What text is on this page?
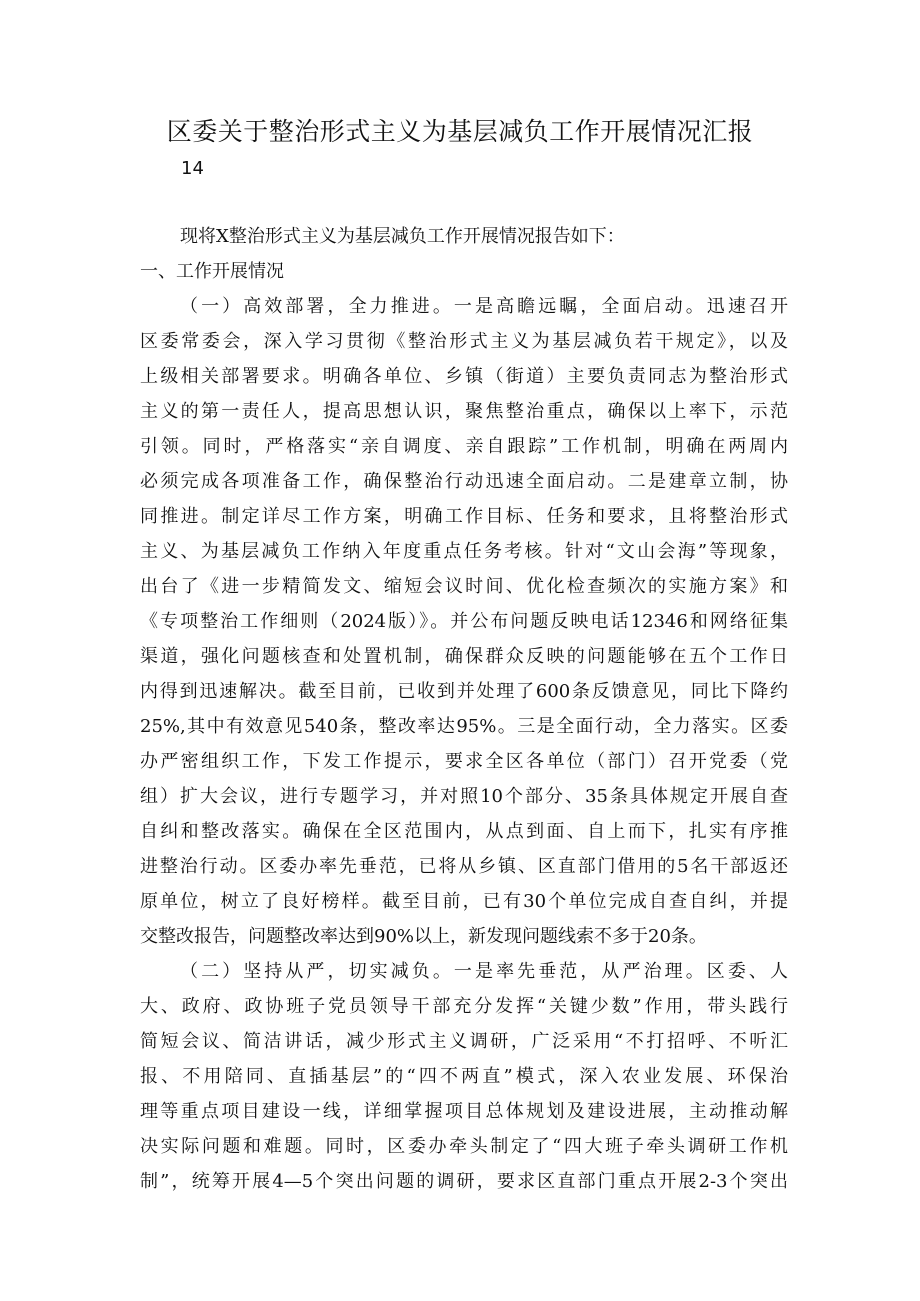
区委关于整治形式主义为基层减负工作开展情况汇报
14
现将X整治形式主义为基层减负工作开展情况报告如下：
一、工作开展情况
（一）高效部署，全力推进。一是高瞻远瞩，全面启动。迅速召开
区委常委会，深入学习贯彻《整治形式主义为基层减负若干规定》，以及
上级相关部署要求。明确各单位、乡镇（街道）主要负责同志为整治形式
主义的第一责任人，提高思想认识，聚焦整治重点，确保以上率下，示范
引领。同时，严格落实“亲自调度、亲自跟踪”工作机制，明确在两周内
必须完成各项准备工作，确保整治行动迅速全面启动。二是建章立制，协
同推进。制定详尽工作方案，明确工作目标、任务和要求，且将整治形式
主义、为基层减负工作纳入年度重点任务考核。针对“文山会海”等现象，
出台了《进一步精简发文、缩短会议时间、优化检查频次的实施方案》和
《专项整治工作细则（2024版）》。并公布问题反映电话12346和网络征集
渠道，强化问题核查和处置机制，确保群众反映的问题能够在五个工作日
内得到迅速解决。截至目前，已收到并处理了600条反馈意见，同比下降约
25%,其中有效意见540条，整改率达95%。三是全面行动，全力落实。区委
办严密组织工作，下发工作提示，要求全区各单位（部门）召开党委（党
组）扩大会议，进行专题学习，并对照10个部分、35条具体规定开展自查
自纠和整改落实。确保在全区范围内，从点到面、自上而下，扎实有序推
进整治行动。区委办率先垂范，已将从乡镇、区直部门借用的5名干部返还
原单位，树立了良好榜样。截至目前，已有30个单位完成自查自纠，并提
交整改报告，问题整改率达到90%以上，新发现问题线索不多于20条。
（二）坚持从严，切实减负。一是率先垂范，从严治理。区委、人
大、政府、政协班子党员领导干部充分发挥“关键少数”作用，带头践行
简短会议、简洁讲话，减少形式主义调研，广泛采用“不打招呼、不听汇
报、不用陪同、直插基层”的“四不两直”模式，深入农业发展、环保治
理等重点项目建设一线，详细掌握项目总体规划及建设进展，主动推动解
决实际问题和难题。同时，区委办牵头制定了“四大班子牵头调研工作机
制”，统筹开展4—5个突出问题的调研，要求区直部门重点开展2-3个突出
